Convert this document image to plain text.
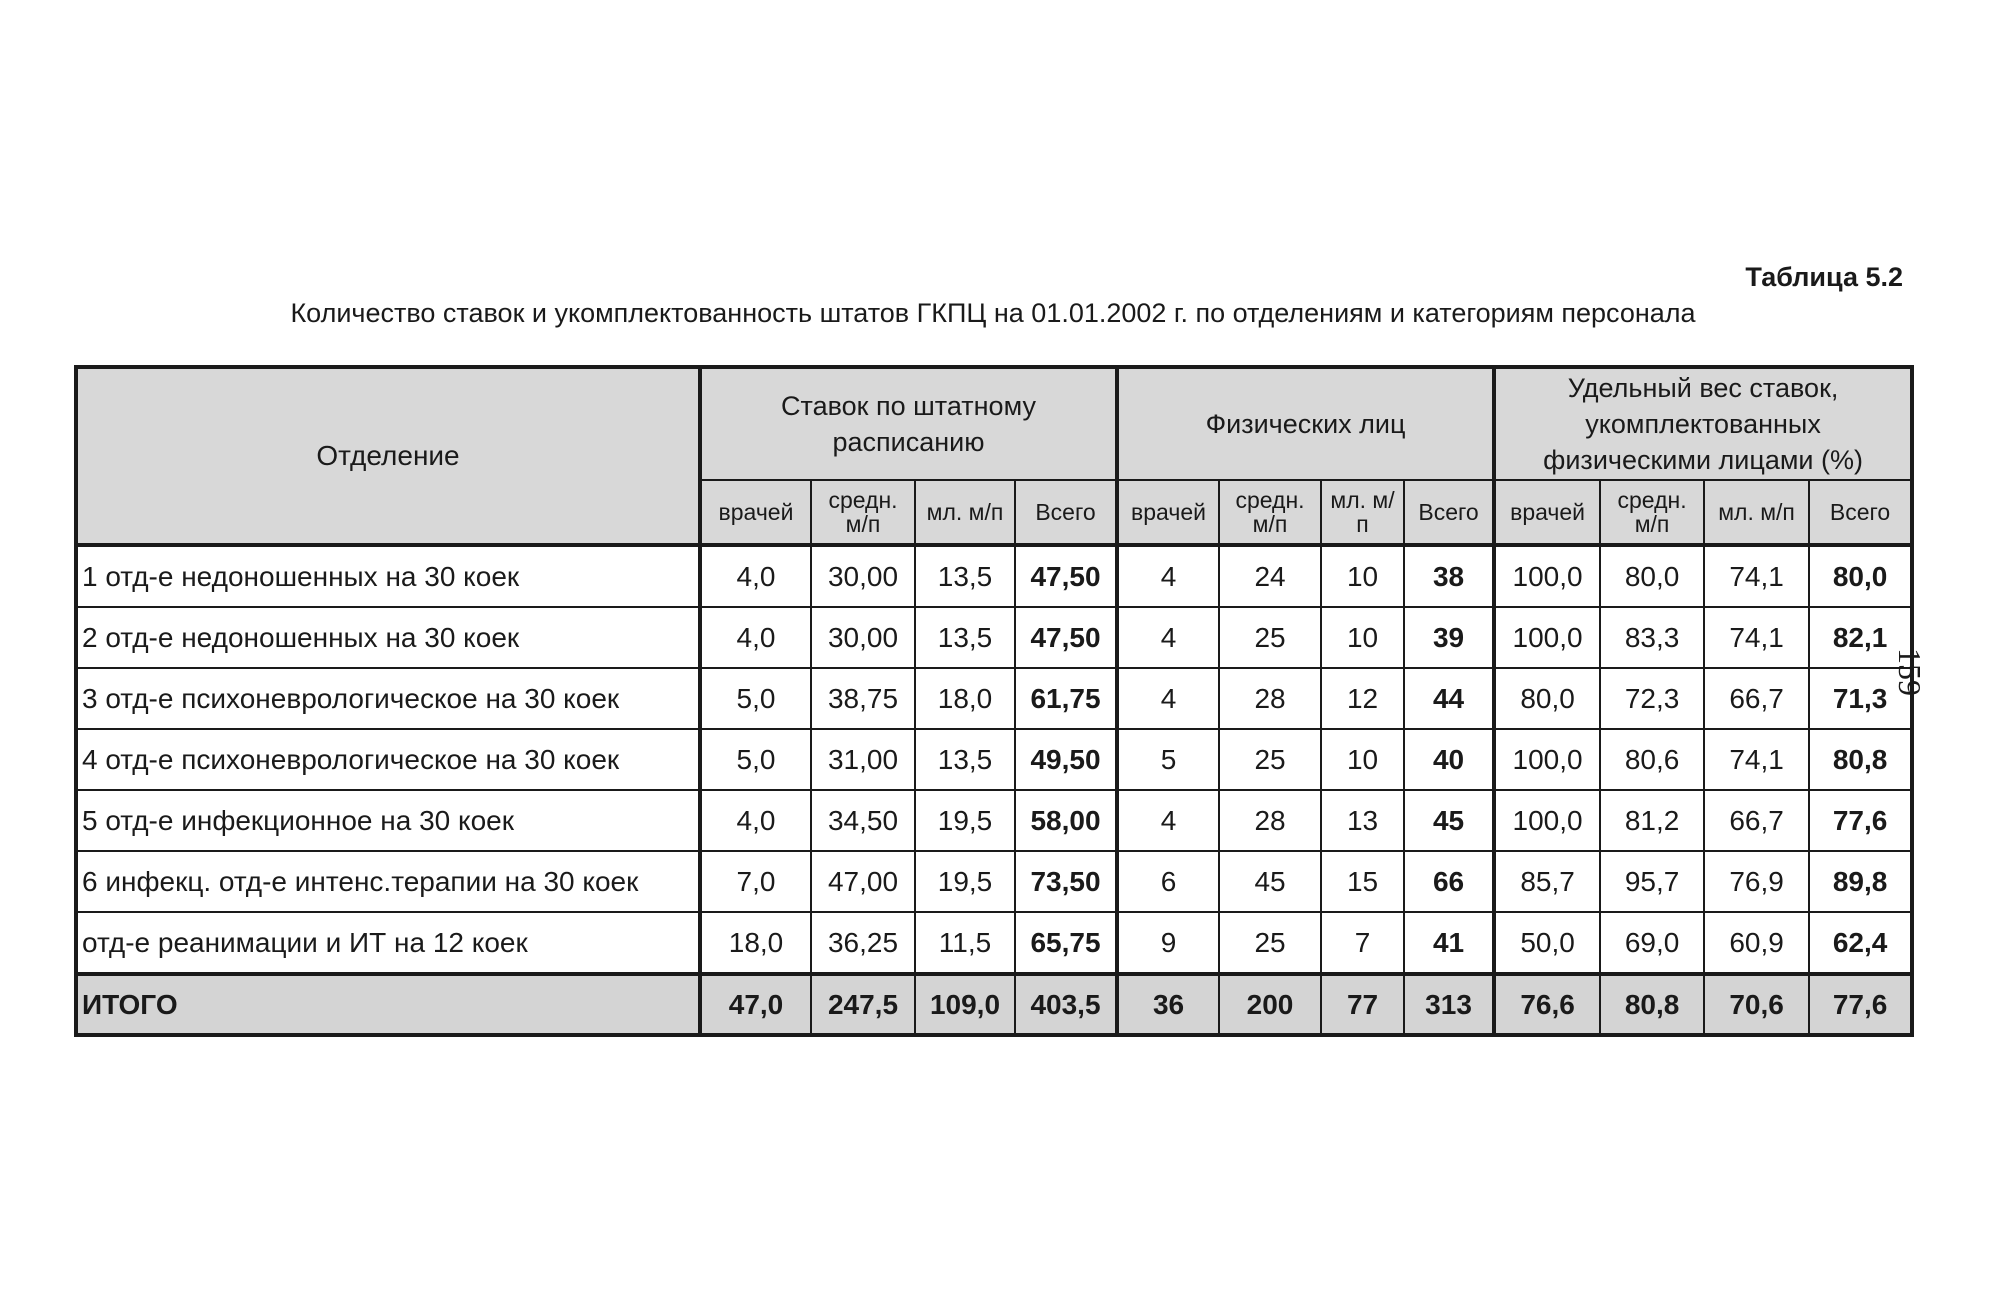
Таблица 5.2
Количество ставок и укомплектованность штатов ГКПЦ на 01.01.2002 г. по отделениям и категориям персонала
159
Отделение	Ставок по штатному расписанию				Физических лиц				Удельный вес ставок, укомплектованных физическими лицами (%)			
	врачей	средн. м/п	мл. м/п	Всего	врачей	средн. м/п	мл. м/п	Всего	врачей	средн. м/п	мл. м/п	Всего
1 отд-е недоношенных на 30 коек	4,0	30,00	13,5	47,50	4	24	10	38	100,0	80,0	74,1	80,0
2 отд-е недоношенных на 30 коек	4,0	30,00	13,5	47,50	4	25	10	39	100,0	83,3	74,1	82,1
3 отд-е психоневрологическое на 30 коек	5,0	38,75	18,0	61,75	4	28	12	44	80,0	72,3	66,7	71,3
4 отд-е психоневрологическое на 30 коек	5,0	31,00	13,5	49,50	5	25	10	40	100,0	80,6	74,1	80,8
5 отд-е инфекционное на 30 коек	4,0	34,50	19,5	58,00	4	28	13	45	100,0	81,2	66,7	77,6
6 инфекц. отд-е интенс.терапии на 30 коек	7,0	47,00	19,5	73,50	6	45	15	66	85,7	95,7	76,9	89,8
отд-е реанимации и ИТ на 12 коек	18,0	36,25	11,5	65,75	9	25	7	41	50,0	69,0	60,9	62,4
ИТОГО	47,0	247,5	109,0	403,5	36	200	77	313	76,6	80,8	70,6	77,6
